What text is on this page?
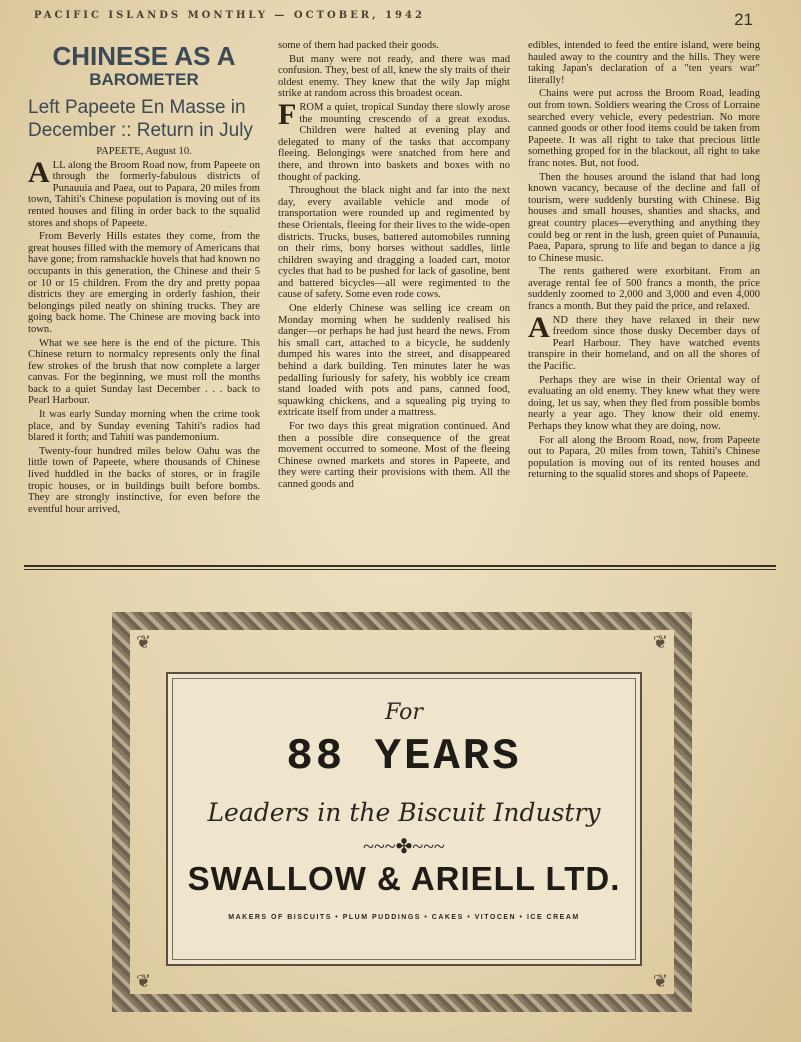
PACIFIC ISLANDS MONTHLY — OCTOBER, 1942	21
CHINESE AS A
BAROMETER
Left Papeete En Masse in December :: Return in July

PAPEETE, August 10.

ALL along the Broom Road now, from Papeete on through the formerly-fabulous districts of Punauuia and Paea, out to Papara, 20 miles from town, Tahiti's Chinese population is moving out of its rented houses and filing in order back to the squalid stores and shops of Papeete.

From Beverly Hills estates they come, from the great houses filled with the memory of Americans that have gone; from ramshackle hovels that had known no occupants in this generation, the Chinese and their 5 or 10 or 15 children. From the dry and pretty popaa districts they are emerging in orderly fashion, their belongings piled neatly on shining trucks. They are going back home. The Chinese are moving back into town.

What we see here is the end of the picture. This Chinese return to normalcy represents only the final few strokes of the brush that now complete a larger canvas. For the beginning, we must roll the months back to a quiet Sunday last December . . . back to Pearl Harbour.

It was early Sunday morning when the crime took place, and by Sunday evening Tahiti's radios had blared it forth; and Tahiti was pandemonium.

Twenty-four hundred miles below Oahu was the little town of Papeete, where thousands of Chinese lived huddled in the backs of stores, or in fragile tropic houses, or in buildings built before bombs. They are strongly instinctive, for even before the eventful hour arrived,

some of them had packed their goods.

But many were not ready, and there was mad confusion. They, best of all, knew the sly traits of their oldest enemy. They knew that the wily Jap might strike at random across this broadest ocean.

FROM a quiet, tropical Sunday there slowly arose the mounting crescendo of a great exodus. Children were halted at evening play and delegated to many of the tasks that accompany fleeing. Belongings were snatched from here and there, and thrown into baskets and boxes with no thought of packing.

Throughout the black night and far into the next day, every available vehicle and mode of transportation were rounded up and regimented by these Orientals, fleeing for their lives to the wide-open districts. Trucks, buses, battered automobiles running on their rims, bony horses without saddles, little children swaying and dragging a loaded cart, motor cycles that had to be pushed for lack of gasoline, bent and battered bicycles—all were regimented to the cause of safety. Some even rode cows.

One elderly Chinese was selling ice cream on Monday morning when he suddenly realised his danger—or perhaps he had just heard the news. From his small cart, attached to a bicycle, he suddenly dumped his wares into the street, and disappeared behind a dark building. Ten minutes later he was pedalling furiously for safety, his wobbly ice cream stand loaded with pots and pans, canned food, squawking chickens, and a squealing pig trying to extricate itself from under a mattress.

For two days this great migration continued. And then a possible dire consequence of the great movement occurred to someone. Most of the fleeing Chinese owned markets and stores in Papeete, and they were carting their provisions with them. All the canned goods and

edibles, intended to feed the entire island, were being hauled away to the country and the hills. They were taking Japan's declaration of a "ten years war" literally!

Chains were put across the Broom Road, leading out from town. Soldiers wearing the Cross of Lorraine searched every vehicle, every pedestrian. No more canned goods or other food items could be taken from Papeete. It was all right to take that precious little something groped for in the blackout, all right to take franc notes. But, not food.

Then the houses around the island that had long known vacancy, because of the decline and fall of tourism, were suddenly bursting with Chinese. Big houses and small houses, shanties and shacks, and great country places—everything and anything they could beg or rent in the lush, green quiet of Punauuia, Paea, Papara, sprung to life and began to dance a jig to Chinese music.

The rents gathered were exorbitant. From an average rental fee of 500 francs a month, the price suddenly zoomed to 2,000 and 3,000 and even 4,000 francs a month. But they paid the price, and relaxed.

AND there they have relaxed in their new freedom since those dusky December days of Pearl Harbour. They have watched events transpire in their homeland, and on all the shores of the Pacific.

Perhaps they are wise in their Oriental way of evaluating an old enemy. They knew what they were doing, let us say, when they fled from possible bombs nearly a year ago. They know their old enemy. Perhaps they know what they are doing, now.

For all along the Broom Road, now, from Papeete out to Papara, 20 miles from town, Tahiti's Chinese population is moving out of its rented houses and returning to the squalid stores and shops of Papeete.

❦	❦
❦	❦
For
88 YEARS
Leaders in the Biscuit Industry
~~~✤~~~
SWALLOW & ARIELL LTD.
MAKERS OF BISCUITS • PLUM PUDDINGS • CAKES • VITOCEN • ICE CREAM
